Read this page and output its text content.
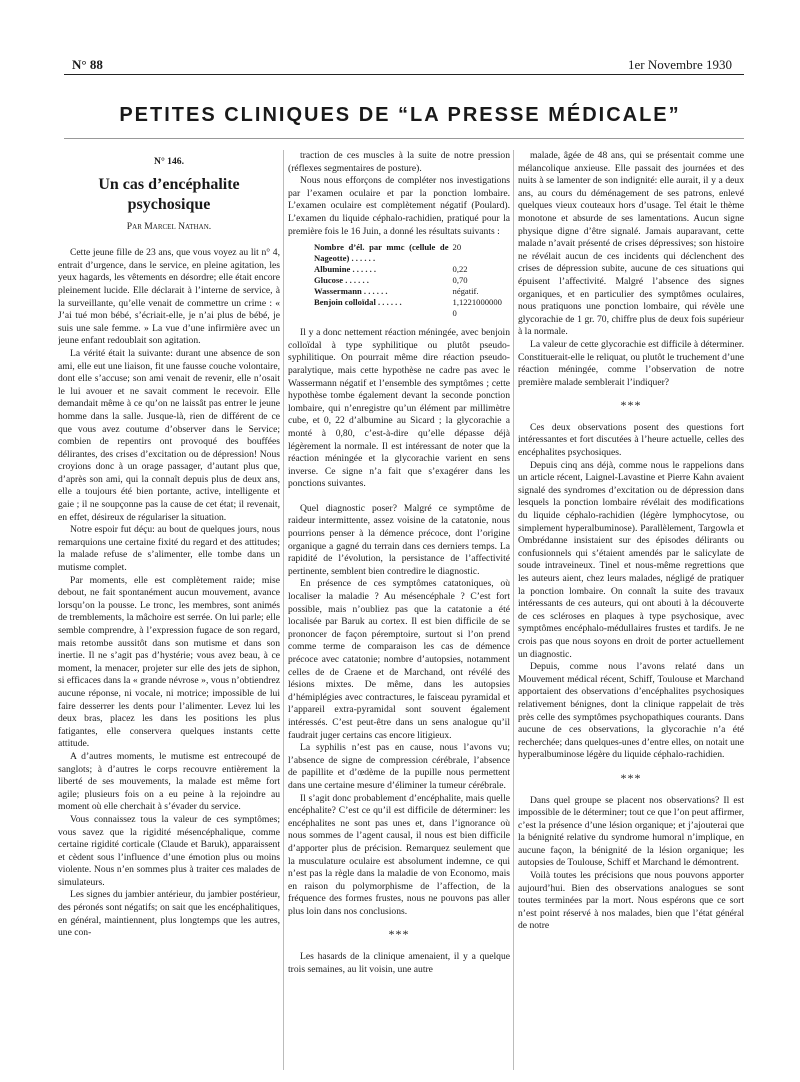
N° 88	1er Novembre 1930
PETITES CLINIQUES DE “LA PRESSE MÉDICALE”
N° 146.
Un cas d’encéphalite
psychosique
Par Marcel Nathan.

Cette jeune fille de 23 ans, que vous voyez au lit n° 4, entrait d’urgence, dans le service, en pleine agitation, les yeux hagards, les vêtements en désordre; elle était encore pleinement lucide. Elle déclarait à l’interne de service, à la surveillante, qu’elle venait de commettre un crime : « J’ai tué mon bébé, s’écriait-elle, je n’ai plus de bébé, je suis une sale femme. » La vue d’une infirmière avec un jeune enfant redoublait son agitation.

La vérité était la suivante: durant une absence de son ami, elle eut une liaison, fit une fausse couche volontaire, dont elle s’accuse; son ami venait de revenir, elle n’osait le lui avouer et ne savait comment le recevoir. Elle demandait même à ce qu’on ne laissât pas entrer le jeune homme dans la salle. Jusque-là, rien de différent de ce que vous avez coutume d’observer dans le Service; combien de repentirs ont provoqué des bouffées délirantes, des crises d’excitation ou de dépression! Nous croyions donc à un orage passager, d’autant plus que, d’après son ami, qui la connaît depuis plus de deux ans, elle a toujours été bien portante, active, intelligente et gaie ; il ne soupçonne pas la cause de cet état; il revenait, en effet, désireux de régulariser la situation.

Notre espoir fut déçu: au bout de quelques jours, nous remarquions une certaine fixité du regard et des attitudes; la malade refuse de s’alimenter, elle tombe dans un mutisme complet.

Par moments, elle est complètement raide; mise debout, ne fait spontanément aucun mouvement, avance lorsqu’on la pousse. Le tronc, les membres, sont animés de tremblements, la mâchoire est serrée. On lui parle; elle semble comprendre, à l’expression fugace de son regard, mais retombe aussitôt dans son mutisme et dans son inertie. Il ne s’agit pas d’hystérie; vous avez beau, à ce moment, la menacer, projeter sur elle des jets de siphon, si efficaces dans la « grande névrose », vous n’obtiendrez aucune réponse, ni vocale, ni motrice; impossible de lui faire desserrer les dents pour l’alimenter. Levez lui les deux bras, placez les dans les positions les plus fatigantes, elle conservera quelques instants cette attitude.

A d’autres moments, le mutisme est entrecoupé de sanglots; à d’autres le corps recouvre entièrement la liberté de ses mouvements, la malade est même fort agile; plusieurs fois on a eu peine à la rejoindre au moment où elle cherchait à s’évader du service.

Vous connaissez tous la valeur de ces symptômes; vous savez que la rigidité mésencéphalique, comme certaine rigidité corticale (Claude et Baruk), apparaissent et cèdent sous l’influence d’une émotion plus ou moins violente. Nous n’en sommes plus à traiter ces malades de simulateurs.

Les signes du jambier antérieur, du jambier postérieur, des péronés sont négatifs; on sait que les encéphalitiques, en général, maintiennent, plus longtemps que les autres, une con-

traction de ces muscles à la suite de notre pression (réflexes segmentaires de posture).

Nous nous efforçons de compléter nos investigations par l’examen oculaire et par la ponction lombaire. L’examen oculaire est complètement négatif (Poulard). L’examen du liquide céphalo-rachidien, pratiqué pour la première fois le 16 Juin, a donné les résultats suivants :

Nombre d’él. par mmc (cellule de Nageotte) . . . . . .	20
Albumine . . . . . .	0,22
Glucose . . . . . .	0,70
Wassermann . . . . . .	négatif.
Benjoin colloïdal . . . . . .	1,1221000000 0

Il y a donc nettement réaction méningée, avec benjoin colloïdal à type syphilitique ou plutôt pseudo-syphilitique. On pourrait même dire réaction pseudo-paralytique, mais cette hypothèse ne cadre pas avec le Wassermann négatif et l’ensemble des symptômes ; cette hypothèse tombe également devant la seconde ponction lombaire, qui n’enregistre qu’un élément par millimètre cube, et 0, 22 d’albumine au Sicard ; la glycorachie a monté à 0,80, c’est-à-dire qu’elle dépasse déjà légèrement la normale. Il est intéressant de noter que la réaction méningée et la glycorachie varient en sens inverse. Ce signe n’a fait que s’exagérer dans les ponctions suivantes.

Quel diagnostic poser? Malgré ce symptôme de raideur intermittente, assez voisine de la catatonie, nous pourrions penser à la démence précoce, dont l’origine organique a gagné du terrain dans ces derniers temps. La rapidité de l’évolution, la persistance de l’affectivité pertinente, semblent bien contredire le diagnostic.

En présence de ces symptômes catatoniques, où localiser la maladie ? Au mésencéphale ? C’est fort possible, mais n’oubliez pas que la catatonie a été localisée par Baruk au cortex. Il est bien difficile de se prononcer de façon péremptoire, surtout si l’on prend comme terme de comparaison les cas de démence précoce avec catatonie; nombre d’autopsies, notamment celles de de Craene et de Marchand, ont révélé des lésions mixtes. De même, dans les autopsies d’hémiplégies avec contractures, le faisceau pyramidal et l’appareil extra-pyramidal sont souvent également intéressés. C’est peut-être dans un sens analogue qu’il faudrait juger certains cas encore litigieux.

La syphilis n’est pas en cause, nous l’avons vu; l’absence de signe de compression cérébrale, l’absence de papillite et d’œdème de la pupille nous permettent dans une certaine mesure d’éliminer la tumeur cérébrale.

Il s’agit donc probablement d’encéphalite, mais quelle encéphalite? C’est ce qu’il est difficile de déterminer: les encéphalites ne sont pas unes et, dans l’ignorance où nous sommes de l’agent causal, il nous est bien difficile d’apporter plus de précision. Remarquez seulement que la musculature oculaire est absolument indemne, ce qui n’est pas la règle dans la maladie de von Economo, mais en raison du polymorphisme de l’affection, de la fréquence des formes frustes, nous ne pouvons pas aller plus loin dans nos conclusions.

***

Les hasards de la clinique amenaient, il y a quelque trois semaines, au lit voisin, une autre

malade, âgée de 48 ans, qui se présentait comme une mélancolique anxieuse. Elle passait des journées et des nuits à se lamenter de son indignité: elle aurait, il y a deux ans, au cours du déménagement de ses patrons, enlevé quelques vieux couteaux hors d’usage. Tel était le thème monotone et absurde de ses lamentations. Aucun signe physique digne d’être signalé. Jamais auparavant, cette malade n’avait présenté de crises dépressives; son histoire ne révélait aucun de ces incidents qui déclenchent des crises de dépression subite, aucune de ces situations qui épuisent l’affectivité. Malgré l’absence des signes organiques, et en particulier des symptômes oculaires, nous pratiquons une ponction lombaire, qui révèle une glycorachie de 1 gr. 70, chiffre plus de deux fois supérieur à la normale.

La valeur de cette glycorachie est difficile à déterminer. Constituerait-elle le reliquat, ou plutôt le truchement d’une réaction méningée, comme l’observation de notre première malade semblerait l’indiquer?

***

Ces deux observations posent des questions fort intéressantes et fort discutées à l’heure actuelle, celles des encéphalites psychosiques.

Depuis cinq ans déjà, comme nous le rappelions dans un article récent, Laignel-Lavastine et Pierre Kahn avaient signalé des syndromes d’excitation ou de dépression dans lesquels la ponction lombaire révélait des modifications du liquide céphalo-rachidien (légère lymphocytose, ou simplement hyperalbuminose). Parallèlement, Targowla et Ombrédanne insistaient sur des épisodes délirants ou confusionnels qui s’étaient amendés par le salicylate de soude intraveineux. Tinel et nous-même regrettions que les auteurs aient, chez leurs malades, négligé de pratiquer la ponction lombaire. On connaît la suite des travaux intéressants de ces auteurs, qui ont abouti à la découverte de ces scléroses en plaques à type psychosique, avec symptômes encéphalo-médullaires frustes et tardifs. Je ne crois pas que nous soyons en droit de porter actuellement un diagnostic.

Depuis, comme nous l’avons relaté dans un Mouvement médical récent, Schiff, Toulouse et Marchand apportaient des observations d’encéphalites psychosiques relativement bénignes, dont la clinique rappelait de très près celle des symptômes psychopathiques courants. Dans aucune de ces observations, la glycorachie n’a été recherchée; dans quelques-unes d’entre elles, on notait une hyperalbuminose légère du liquide céphalo-rachidien.

***

Dans quel groupe se placent nos observations? Il est impossible de le déterminer; tout ce que l’on peut affirmer, c’est la présence d’une lésion organique; et j’ajouterai que la bénignité relative du syndrome humoral n’implique, en aucune façon, la bénignité de la lésion organique; les autopsies de Toulouse, Schiff et Marchand le démontrent.

Voilà toutes les précisions que nous pouvons apporter aujourd’hui. Bien des observations analogues se sont toutes terminées par la mort. Nous espérons que ce sort n’est point réservé à nos malades, bien que l’état général de notre
